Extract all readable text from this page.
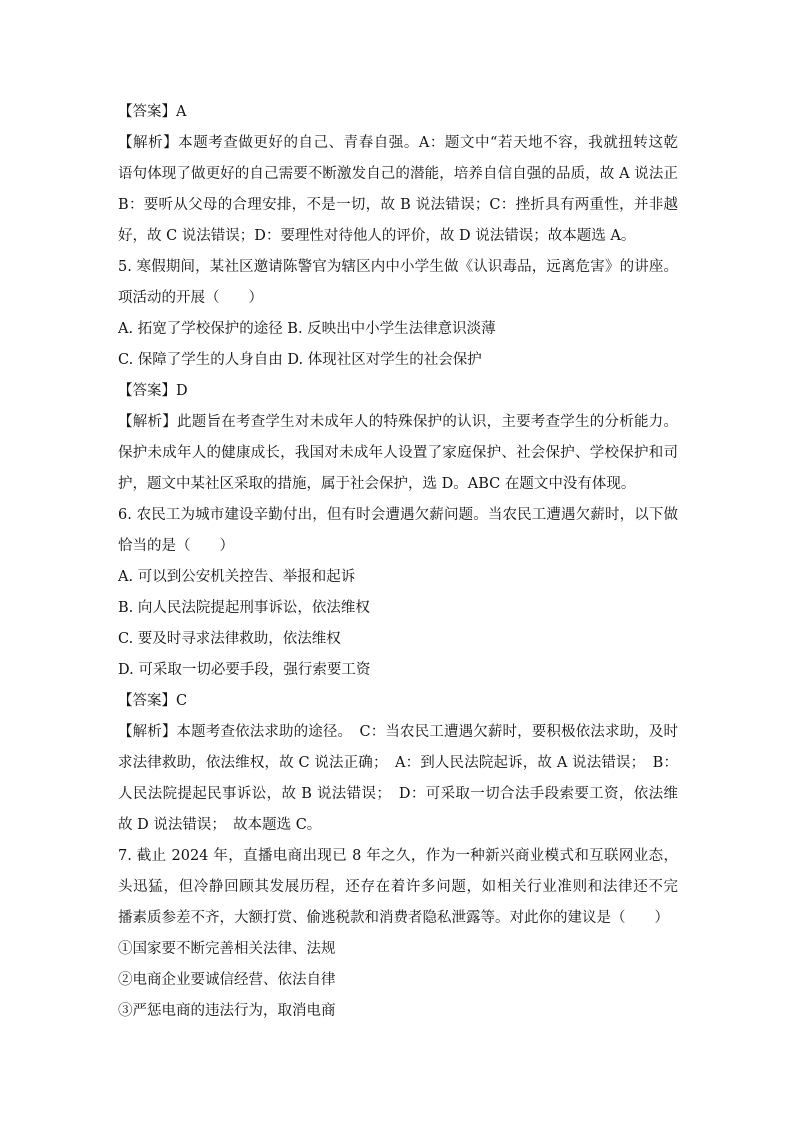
【答案】A
【解析】本题考查做更好的自己、青春自强。A：题文中“若天地不容，我就扭转这乾
语句体现了做更好的自己需要不断激发自己的潜能，培养自信自强的品质，故 A 说法正
B：要听从父母的合理安排，不是一切，故 B 说法错误；C：挫折具有两重性，并非越
好，故 C 说法错误；D：要理性对待他人的评价，故 D 说法错误；故本题选 A。
5. 寒假期间，某社区邀请陈警官为辖区内中小学生做《认识毒品，远离危害》的讲座。
项活动的开展（　　）
A. 拓宽了学校保护的途径 B. 反映出中小学生法律意识淡薄
C. 保障了学生的人身自由 D. 体现社区对学生的社会保护
【答案】D
【解析】此题旨在考查学生对未成年人的特殊保护的认识，主要考查学生的分析能力。
保护未成年人的健康成长，我国对未成年人设置了家庭保护、社会保护、学校保护和司
护，题文中某社区采取的措施，属于社会保护，选 D。ABC 在题文中没有体现。
6. 农民工为城市建设辛勤付出，但有时会遭遇欠薪问题。当农民工遭遇欠薪时，以下做
恰当的是（　　）
A. 可以到公安机关控告、举报和起诉
B. 向人民法院提起刑事诉讼，依法维权
C. 要及时寻求法律救助，依法维权
D. 可采取一切必要手段，强行索要工资
【答案】C
【解析】本题考查依法求助的途径。　C：当农民工遭遇欠薪时，要积极依法求助，及时
求法律救助，依法维权，故 C 说法正确；　A：到人民法院起诉，故 A 说法错误；　B：
人民法院提起民事诉讼，故 B 说法错误；　D：可采取一切合法手段索要工资，依法维
故 D 说法错误；　故本题选 C。
7. 截止 2024 年，直播电商出现已 8 年之久，作为一种新兴商业模式和互联网业态，
头迅猛，但冷静回顾其发展历程，还存在着许多问题，如相关行业准则和法律还不完
播素质参差不齐，大额打赏、偷逃税款和消费者隐私泄露等。对此你的建议是（　　）
①国家要不断完善相关法律、法规
②电商企业要诚信经营、依法自律
③严惩电商的违法行为，取消电商
